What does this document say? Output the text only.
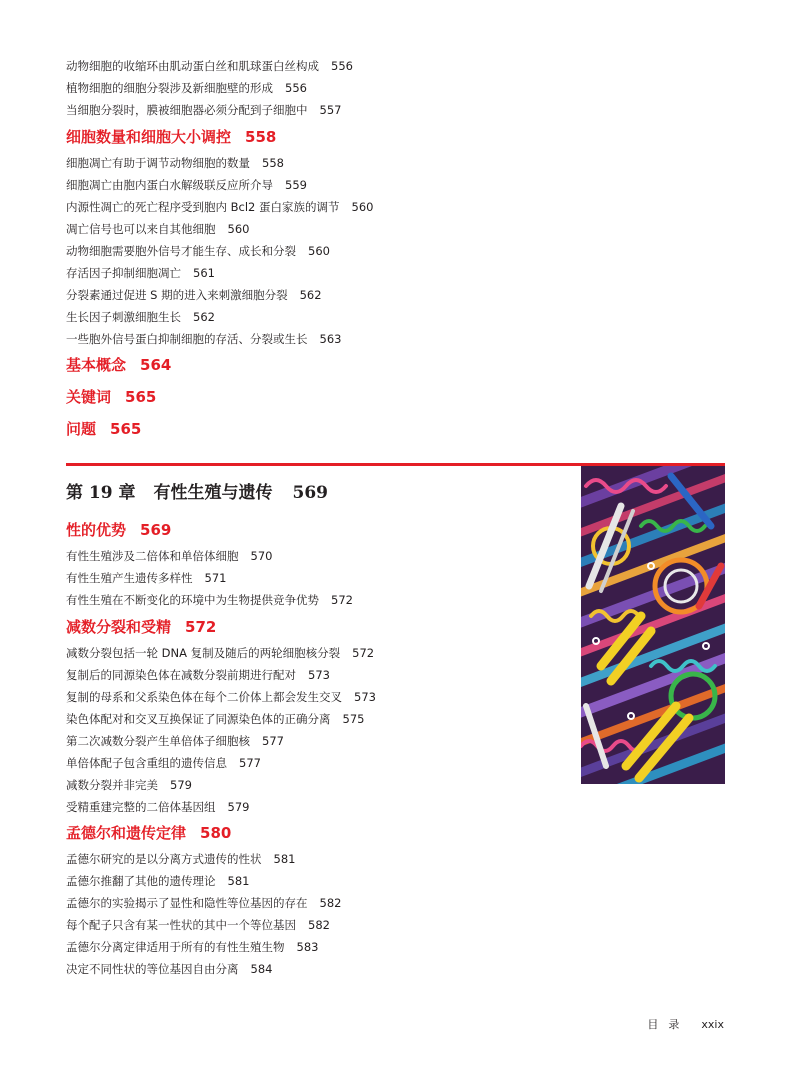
动物细胞的收缩环由肌动蛋白丝和肌球蛋白丝构成 556
植物细胞的细胞分裂涉及新细胞壁的形成 556
当细胞分裂时，膜被细胞器必须分配到子细胞中 557
细胞数量和细胞大小调控 558
细胞凋亡有助于调节动物细胞的数量 558
细胞凋亡由胞内蛋白水解级联反应所介导 559
内源性凋亡的死亡程序受到胞内 Bcl2 蛋白家族的调节 560
凋亡信号也可以来自其他细胞 560
动物细胞需要胞外信号才能生存、成长和分裂 560
存活因子抑制细胞凋亡 561
分裂素通过促进 S 期的进入来刺激细胞分裂 562
生长因子刺激细胞生长 562
一些胞外信号蛋白抑制细胞的存活、分裂或生长 563
基本概念 564
关键词 565
问题 565
第 19 章 有性生殖与遗传 569
性的优势 569
有性生殖涉及二倍体和单倍体细胞 570
有性生殖产生遗传多样性 571
有性生殖在不断变化的环境中为生物提供竞争优势 572
减数分裂和受精 572
减数分裂包括一轮 DNA 复制及随后的两轮细胞核分裂 572
复制后的同源染色体在减数分裂前期进行配对 573
复制的母系和父系染色体在每个二价体上都会发生交叉 573
染色体配对和交叉互换保证了同源染色体的正确分离 575
第二次减数分裂产生单倍体子细胞核 577
单倍体配子包含重组的遗传信息 577
减数分裂并非完美 579
受精重建完整的二倍体基因组 579
孟德尔和遗传定律 580
孟德尔研究的是以分离方式遗传的性状 581
孟德尔推翻了其他的遗传理论 581
孟德尔的实验揭示了显性和隐性等位基因的存在 582
每个配子只含有某一性状的其中一个等位基因 582
孟德尔分离定律适用于所有的有性生殖生物 583
决定不同性状的等位基因自由分离 584
目录 xxix
